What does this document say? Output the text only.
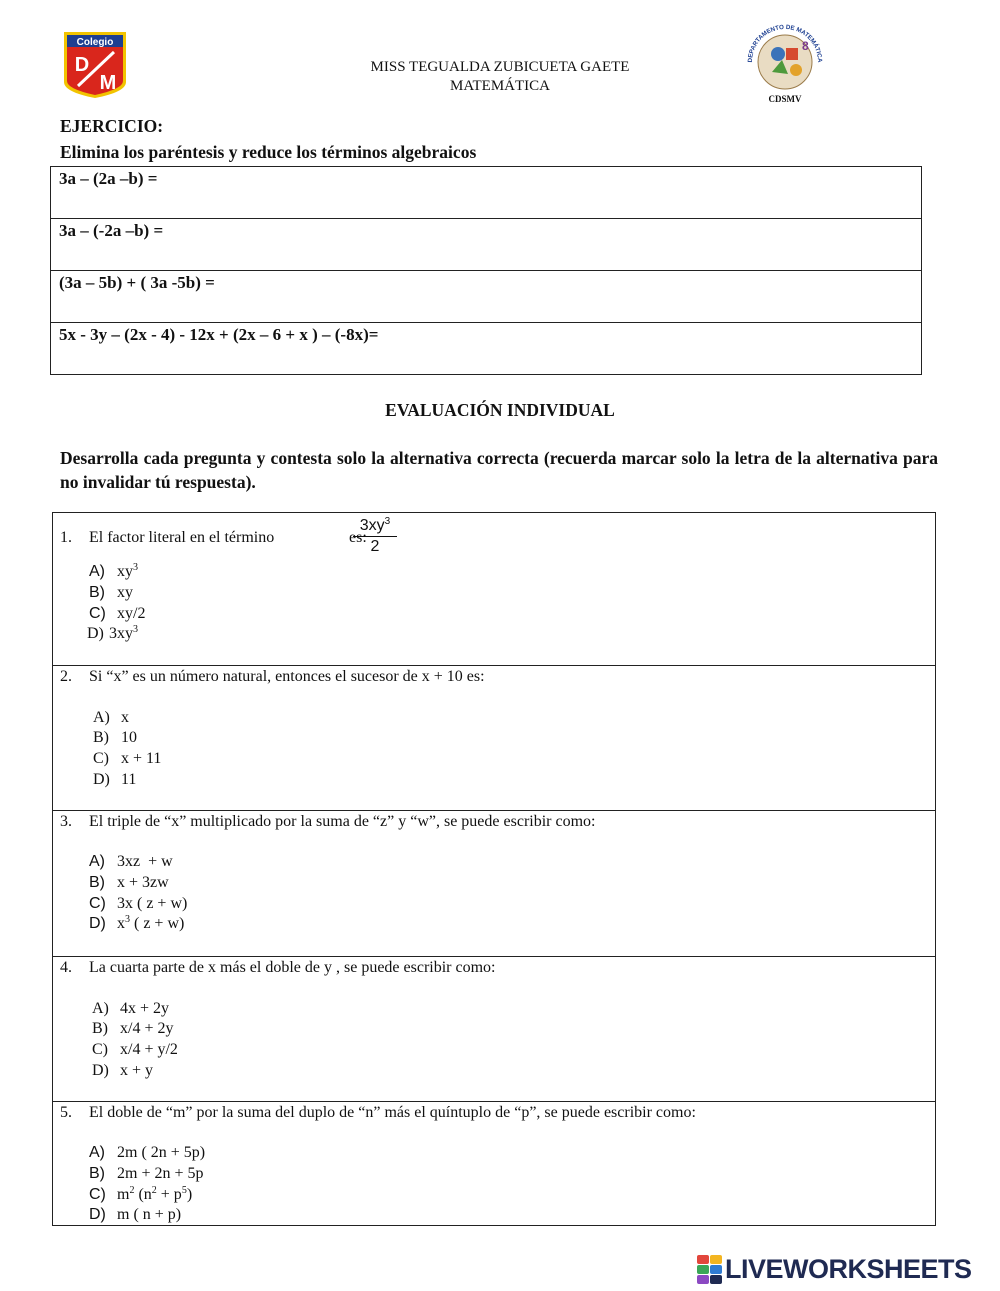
Colegio
D
M
MISS TEGUALDA ZUBICUETA GAETE
MATEMÁTICA
8
DEPARTAMENTO DE MATEMÁTICA
CDSMV
EJERCICIO:
Elimina los paréntesis y reduce los términos algebraicos
3a – (2a –b) =
3a – (-2a –b) =
(3a – 5b) + ( 3a -5b) =
5x - 3y – (2x - 4) - 12x + (2x – 6 + x ) – (-8x)=
EVALUACIÓN INDIVIDUAL
Desarrolla cada pregunta y contesta solo la alternativa correcta (recuerda marcar solo la letra de la alternativa para no invalidar tú respuesta).
1. El factor literal en el término	$\frac{3xy^3}{2}$
es:
A) $xy^3$
B) xy
C) xy/2
D) $3xy^3$
2. Si “x” es un número natural, entonces el sucesor de x + 10 es:
A) x
B) 10
C) x + 11
D) 11
3. El triple de “x” multiplicado por la suma de “z” y “w”, se puede escribir como:
A) 3xz  + w
B) x + 3zw
C) 3x ( z + w)
D) $x^3$ ( z + w)
4. La cuarta parte de x más el doble de y , se puede escribir como:
A) 4x + 2y
B) x/4 + 2y
C) x/4 + y/2
D) x + y
5. El doble de “m” por la suma del duplo de “n” más el quíntuplo de “p”, se puede escribir como:
A) 2m ( 2n + 5p)
B) 2m + 2n + 5p
C) $m^2$ $(n^2 + p^5)$
D) m ( n + p)
LIVEWORKSHEETS
